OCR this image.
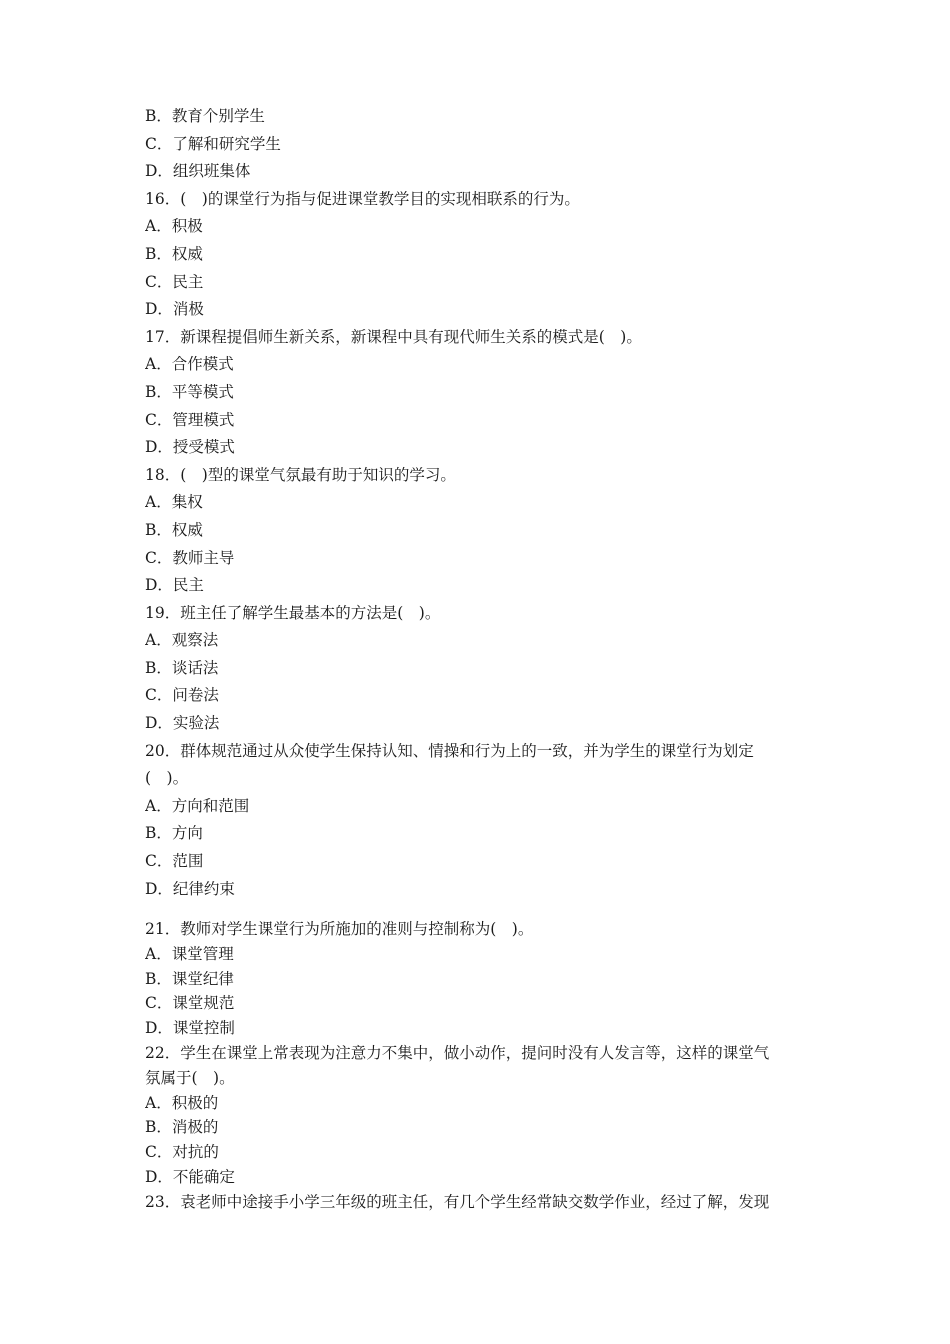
B．教育个别学生
C．了解和研究学生
D．组织班集体
16．(　)的课堂行为指与促进课堂教学目的实现相联系的行为。
A．积极
B．权威
C．民主
D．消极
17．新课程提倡师生新关系，新课程中具有现代师生关系的模式是(　)。
A．合作模式
B．平等模式
C．管理模式
D．授受模式
18．(　)型的课堂气氛最有助于知识的学习。
A．集权
B．权威
C．教师主导
D．民主
19．班主任了解学生最基本的方法是(　)。
A．观察法
B．谈话法
C．问卷法
D．实验法
20．群体规范通过从众使学生保持认知、情操和行为上的一致，并为学生的课堂行为划定
(　)。
A．方向和范围
B．方向
C．范围
D．纪律约束
21．教师对学生课堂行为所施加的准则与控制称为(　)。
A．课堂管理
B．课堂纪律
C．课堂规范
D．课堂控制
22．学生在课堂上常表现为注意力不集中，做小动作，提问时没有人发言等，这样的课堂气
氛属于(　)。
A．积极的
B．消极的
C．对抗的
D．不能确定
23．袁老师中途接手小学三年级的班主任，有几个学生经常缺交数学作业，经过了解，发现
